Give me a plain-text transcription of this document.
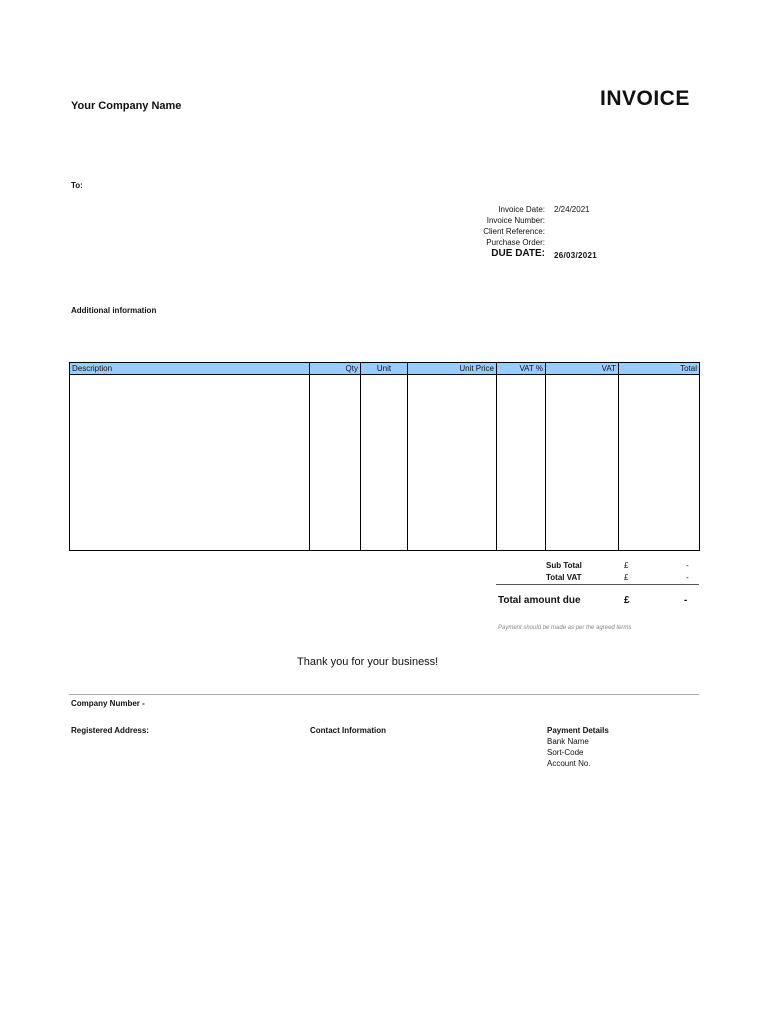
Your Company Name	INVOICE
To:
Invoice Date: 2/24/2021
Invoice Number:
Client Reference:
Purchase Order:
DUE DATE: 26/03/2021
Additional information
Description	Qty	Unit	Unit Price	VAT %	VAT	Total

Sub Total	£	-
Total VAT	£	-
Total amount due	£	-
Payment should be made as per the agreed terms
Thank you for your business!
Company Number -
Registered Address:	Contact Information	Payment Details
Bank Name
Sort-Code
Account No.
